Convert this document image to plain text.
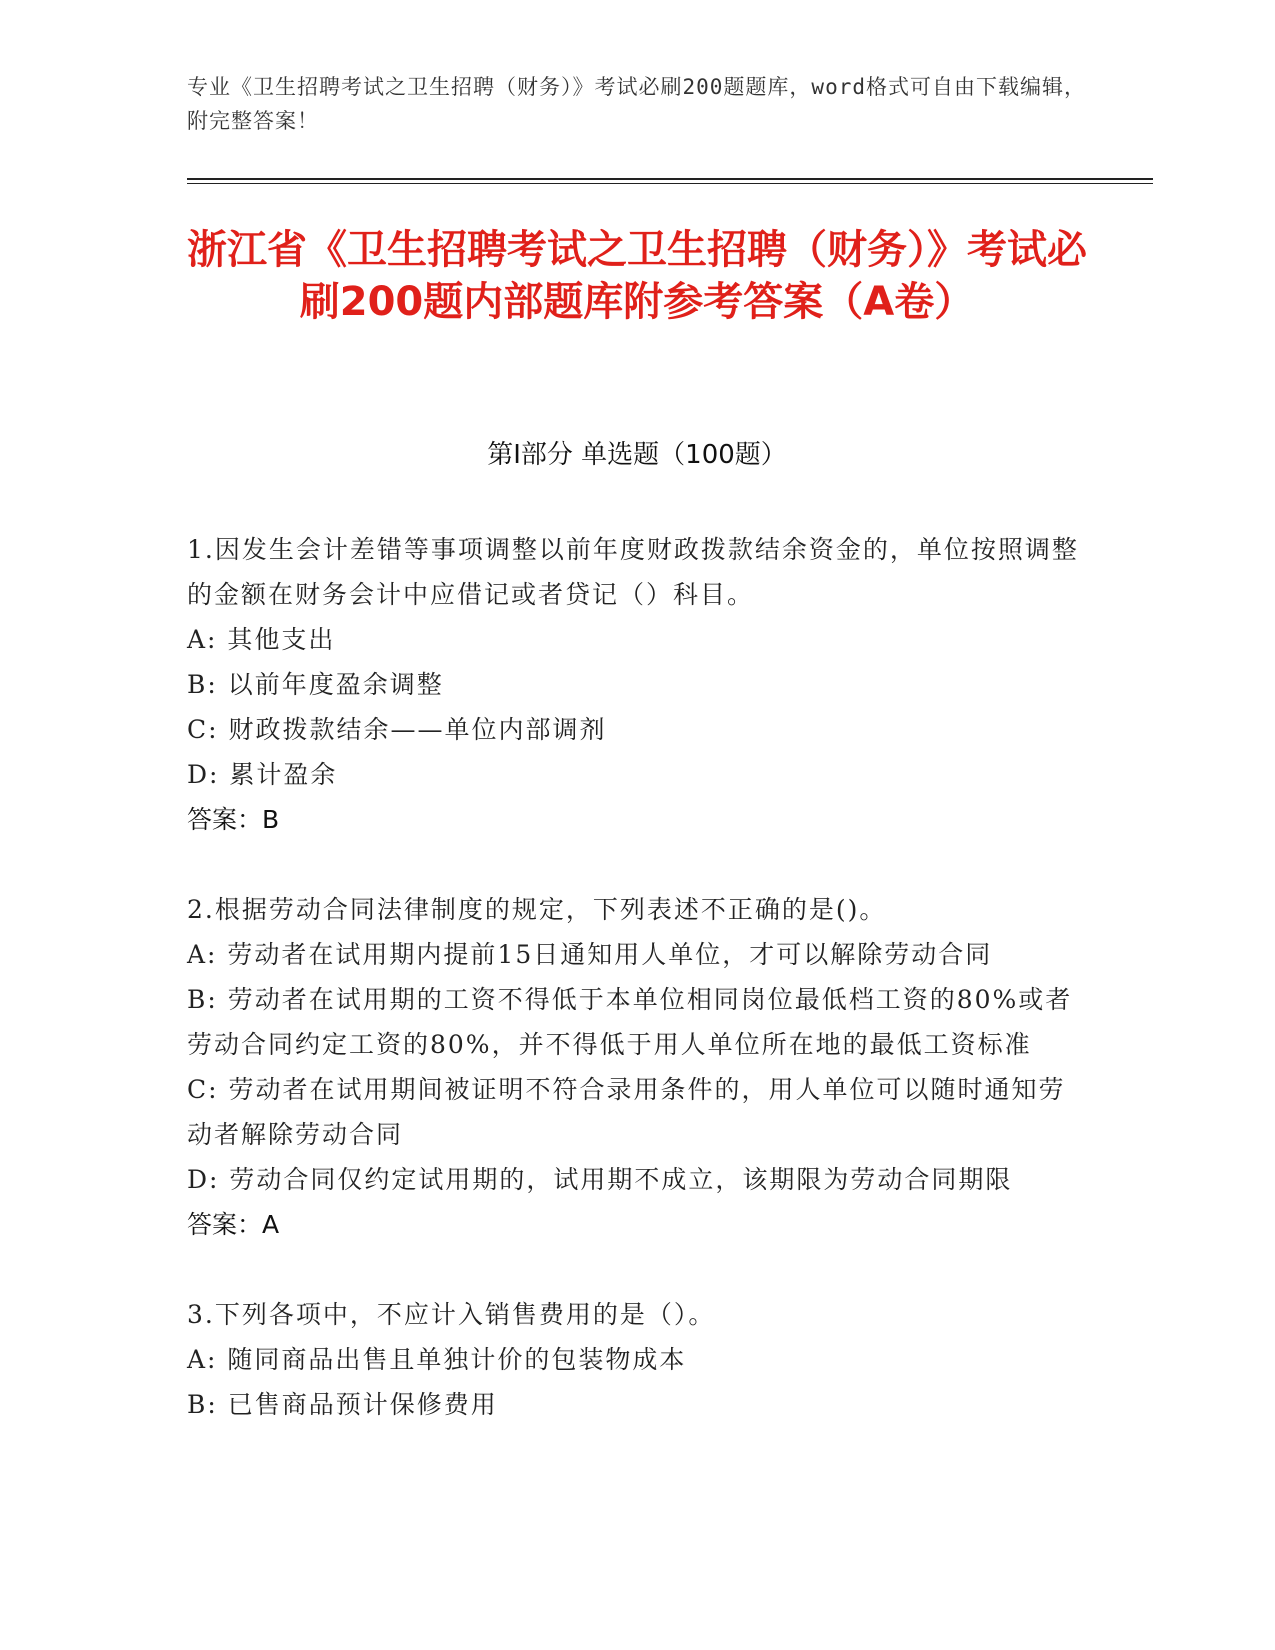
专业《卫生招聘考试之卫生招聘（财务）》考试必刷200题题库，word格式可自由下载编辑，附完整答案！
浙江省《卫生招聘考试之卫生招聘（财务）》考试必刷200题内部题库附参考答案（A卷）
第Ⅰ部分 单选题（100题）
1.因发生会计差错等事项调整以前年度财政拨款结余资金的，单位按照调整的金额在财务会计中应借记或者贷记（）科目。
A: 其他支出
B: 以前年度盈余调整
C: 财政拨款结余——单位内部调剂
D: 累计盈余
答案：B
2.根据劳动合同法律制度的规定，下列表述不正确的是()。
A: 劳动者在试用期内提前15日通知用人单位，才可以解除劳动合同
B: 劳动者在试用期的工资不得低于本单位相同岗位最低档工资的80%或者劳动合同约定工资的80%，并不得低于用人单位所在地的最低工资标准
C: 劳动者在试用期间被证明不符合录用条件的，用人单位可以随时通知劳动者解除劳动合同
D: 劳动合同仅约定试用期的，试用期不成立，该期限为劳动合同期限
答案：A
3.下列各项中，不应计入销售费用的是（）。
A: 随同商品出售且单独计价的包装物成本
B: 已售商品预计保修费用
